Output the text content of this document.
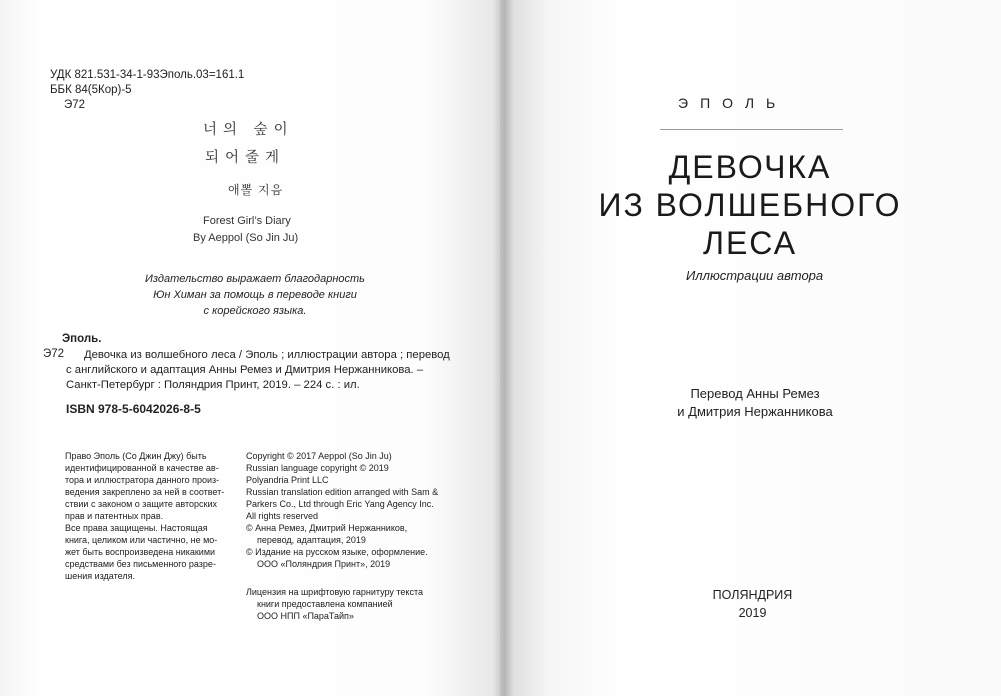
УДК 821.531-34-1-93Эполь.03=161.1
ББК 84(5Кор)-5
Э72
너의 숲이
되어줄게
애뽈 지음
Forest Girl’s Diary
By Aeppol (So Jin Ju)
Издательство выражает благодарность
Юн Химан за помощь в переводе книги
с корейского языка.
Эполь.
Э72 Девочка из волшебного леса / Эполь ; иллюстрации автора ; перевод
с английского и адаптация Анны Ремез и Дмитрия Нержанникова. –
Санкт-Петербург : Поляндрия Принт, 2019. – 224 с. : ил.
ISBN 978-5-6042026-8-5
Право Эполь (Со Джин Джу) быть
идентифицированной в качестве ав-
тора и иллюстратора данного произ-
ведения закреплено за ней в соответ-
ствии с законом о защите авторских
прав и патентных прав.
Все права защищены. Настоящая
книга, целиком или частично, не мо-
жет быть воспроизведена никакими
средствами без письменного разре-
шения издателя.
Copyright © 2017 Aeppol (So Jin Ju)
Russian language copyright © 2019
Polyandria Print LLC
Russian translation edition arranged with Sam &
Parkers Co., Ltd through Eric Yang Agency Inc.
All rights reserved
© Анна Ремез, Дмитрий Нержанников,
перевод, адаптация, 2019
© Издание на русском языке, оформление.
ООО «Поляндрия Принт», 2019
Лицензия на шрифтовую гарнитуру текста
книги предоставлена компанией
ООО НПП «ПараТайп»
ЭПОЛЬ
ДЕВОЧКА
ИЗ ВОЛШЕБНОГО
ЛЕСА
Иллюстрации автора
Перевод Анны Ремез
и Дмитрия Нержанникова
ПОЛЯНДРИЯ
2019
